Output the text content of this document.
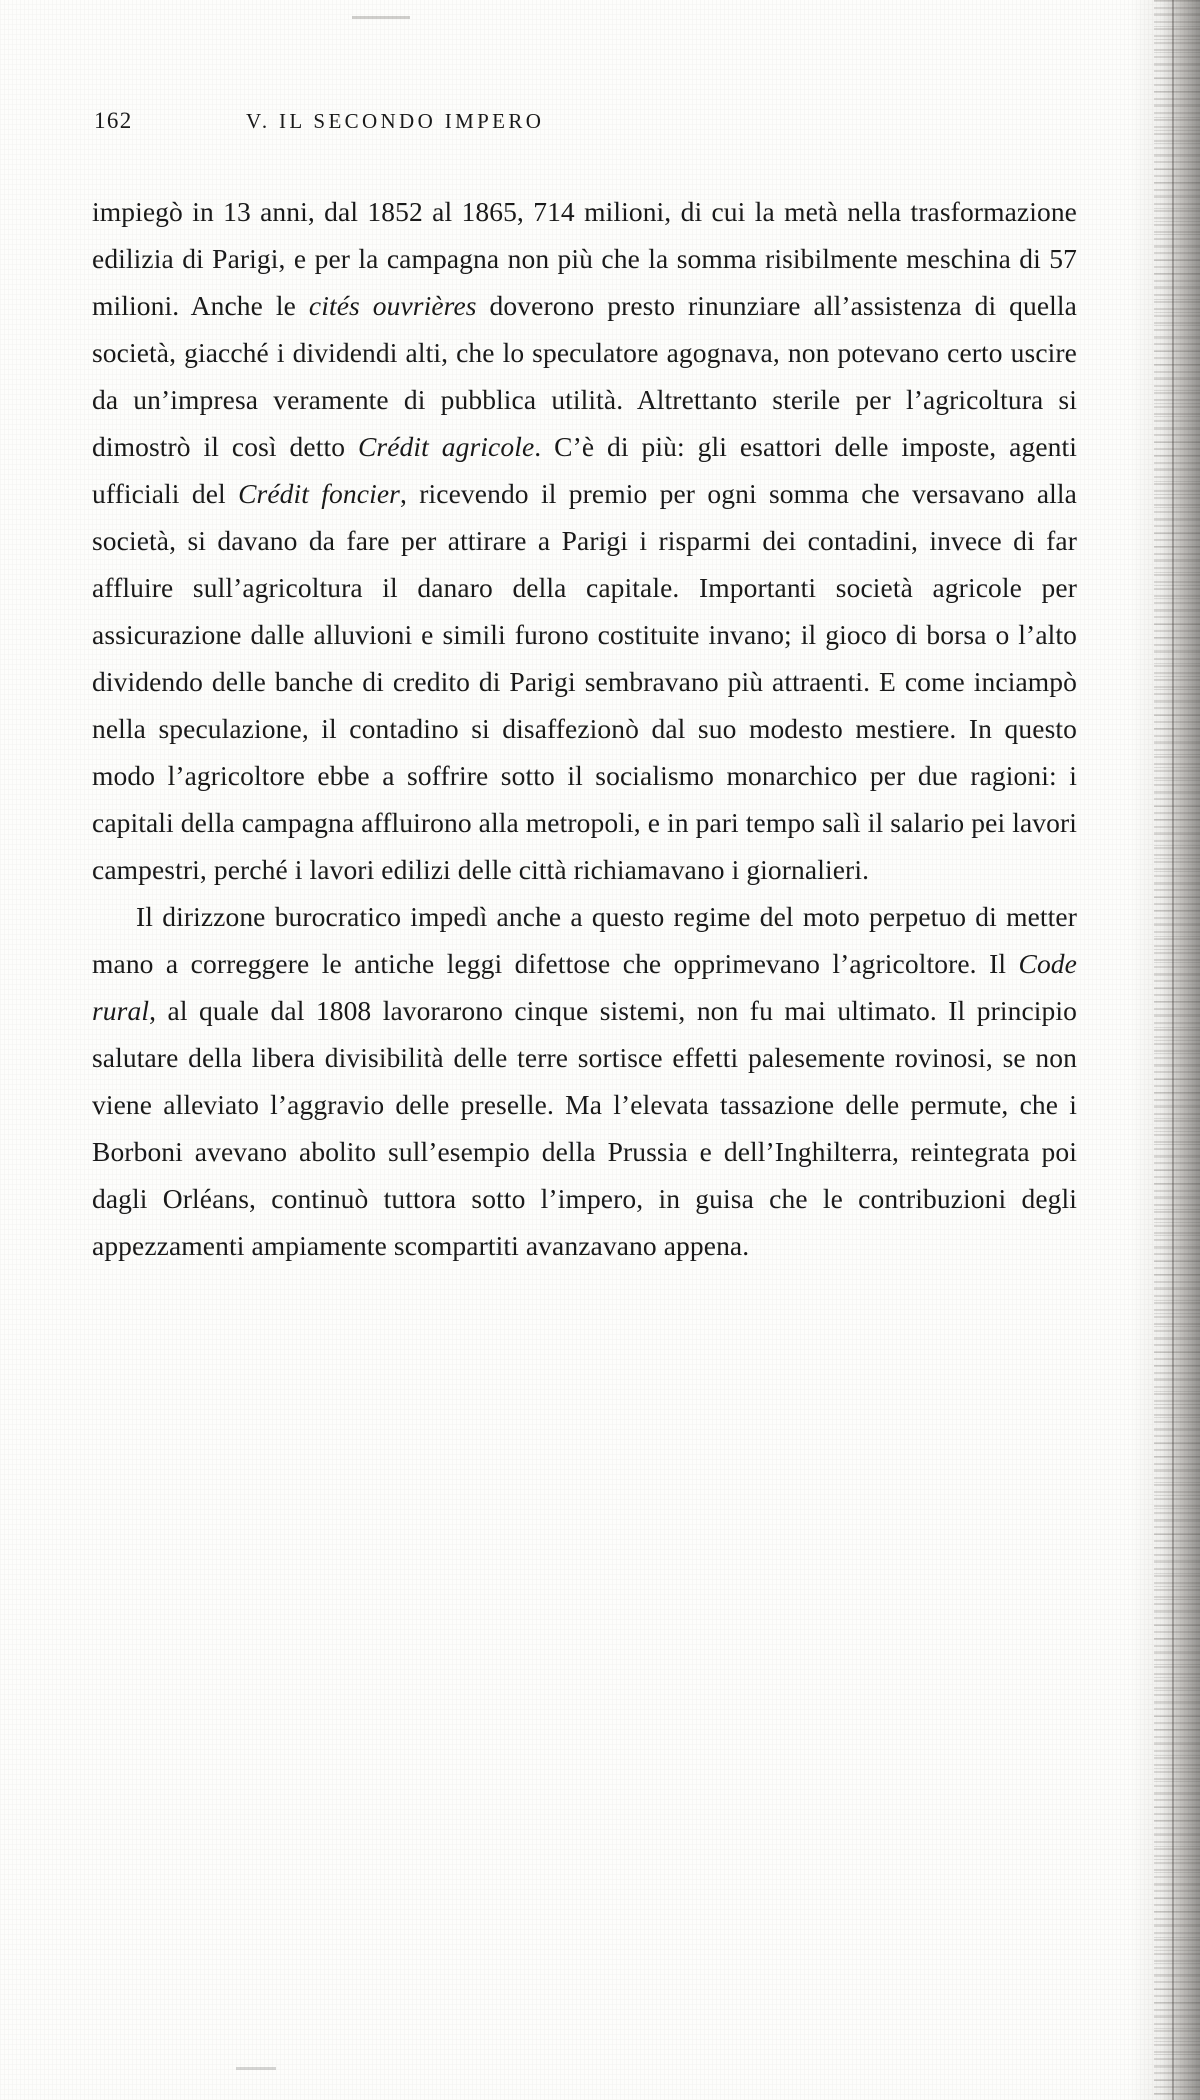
162	V. IL SECONDO IMPERO

impiegò in 13 anni, dal 1852 al 1865, 714 milioni, di cui la metà nella trasformazione edilizia di Parigi, e per la campagna non più che la somma risibilmente meschina di 57 milioni. Anche le cités ouvrières doverono presto rinunziare all’assistenza di quella società, giacché i dividendi alti, che lo speculatore agognava, non potevano certo uscire da un’impresa veramente di pubblica utilità. Altrettanto sterile per l’agricoltura si dimostrò il così detto Crédit agricole. C’è di più: gli esattori delle imposte, agenti ufficiali del Crédit foncier, ricevendo il premio per ogni somma che versavano alla società, si davano da fare per attirare a Parigi i risparmi dei contadini, invece di far affluire sull’agricoltura il danaro della capitale. Importanti società agricole per assicurazione dalle alluvioni e simili furono costituite invano; il gioco di borsa o l’alto dividendo delle banche di credito di Parigi sembravano più attraenti. E come inciampò nella speculazione, il contadino si disaffezionò dal suo modesto mestiere. In questo modo l’agricoltore ebbe a soffrire sotto il socialismo monarchico per due ragioni: i capitali della campagna affluirono alla metropoli, e in pari tempo salì il salario pei lavori campestri, perché i lavori edilizi delle città richiamavano i giornalieri.

Il dirizzone burocratico impedì anche a questo regime del moto perpetuo di metter mano a correggere le antiche leggi difettose che opprimevano l’agricoltore. Il Code rural, al quale dal 1808 lavorarono cinque sistemi, non fu mai ultimato. Il principio salutare della libera divisibilità delle terre sortisce effetti palesemente rovinosi, se non viene alleviato l’aggravio delle preselle. Ma l’elevata tassazione delle permute, che i Borboni avevano abolito sull’esempio della Prussia e dell’Inghilterra, reintegrata poi dagli Orléans, continuò tuttora sotto l’impero, in guisa che le contribuzioni degli appezzamenti ampiamente scompartiti avanzavano appena.
